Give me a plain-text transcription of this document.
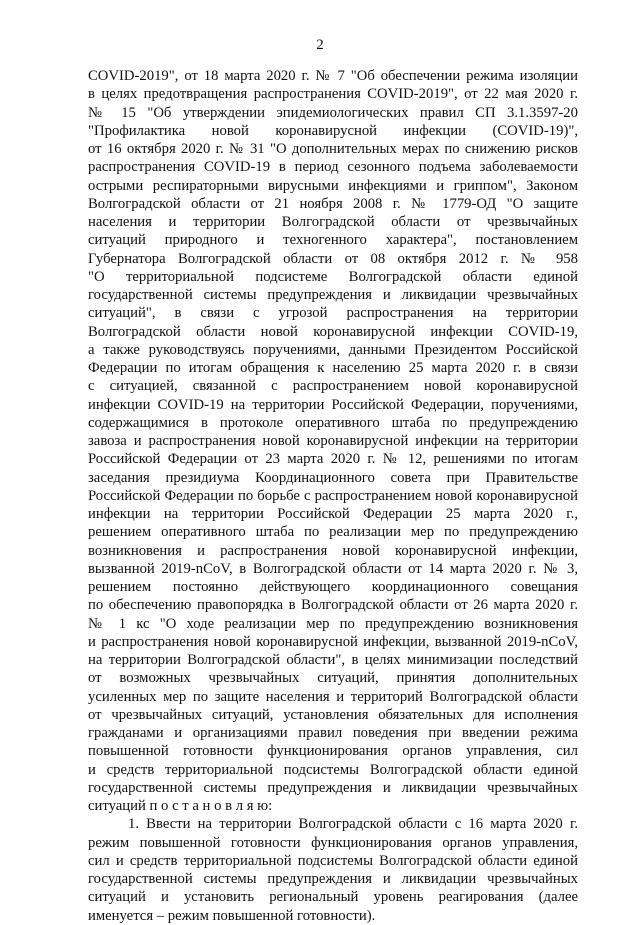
2
COVID-2019", от 18 марта 2020 г. № 7 "Об обеспечении режима изоляции
в целях предотвращения распространения COVID-2019", от 22 мая 2020 г.
№ 15 "Об утверждении эпидемиологических правил СП 3.1.3597-20
"Профилактика новой коронавирусной инфекции (COVID-19)",
от 16 октября 2020 г. № 31 "О дополнительных мерах по снижению рисков
распространения COVID-19 в период сезонного подъема заболеваемости
острыми респираторными вирусными инфекциями и гриппом", Законом
Волгоградской области от 21 ноября 2008 г. № 1779-ОД "О защите
населения и территории Волгоградской области от чрезвычайных
ситуаций природного и техногенного характера", постановлением
Губернатора Волгоградской области от 08 октября 2012 г. № 958
"О территориальной подсистеме Волгоградской области единой
государственной системы предупреждения и ликвидации чрезвычайных
ситуаций", в связи с угрозой распространения на территории
Волгоградской области новой коронавирусной инфекции COVID-19,
а также руководствуясь поручениями, данными Президентом Российской
Федерации по итогам обращения к населению 25 марта 2020 г. в связи
с ситуацией, связанной с распространением новой коронавирусной
инфекции COVID-19 на территории Российской Федерации, поручениями,
содержащимися в протоколе оперативного штаба по предупреждению
завоза и распространения новой коронавирусной инфекции на территории
Российской Федерации от 23 марта 2020 г. № 12, решениями по итогам
заседания президиума Координационного совета при Правительстве
Российской Федерации по борьбе с распространением новой коронавирусной
инфекции на территории Российской Федерации 25 марта 2020 г.,
решением оперативного штаба по реализации мер по предупреждению
возникновения и распространения новой коронавирусной инфекции,
вызванной 2019-nCoV, в Волгоградской области от 14 марта 2020 г. № 3,
решением постоянно действующего координационного совещания
по обеспечению правопорядка в Волгоградской области от 26 марта 2020 г.
№ 1 кс "О ходе реализации мер по предупреждению возникновения
и распространения новой коронавирусной инфекции, вызванной 2019-nCoV,
на территории Волгоградской области", в целях минимизации последствий
от возможных чрезвычайных ситуаций, принятия дополнительных
усиленных мер по защите населения и территорий Волгоградской области
от чрезвычайных ситуаций, установления обязательных для исполнения
гражданами и организациями правил поведения при введении режима
повышенной готовности функционирования органов управления, сил
и средств территориальной подсистемы Волгоградской области единой
государственной системы предупреждения и ликвидации чрезвычайных
ситуаций п о с т а н о в л я ю:
1. Ввести на территории Волгоградской области с 16 марта 2020 г.
режим повышенной готовности функционирования органов управления,
сил и средств территориальной подсистемы Волгоградской области единой
государственной системы предупреждения и ликвидации чрезвычайных
ситуаций и установить региональный уровень реагирования (далее
именуется – режим повышенной готовности).
